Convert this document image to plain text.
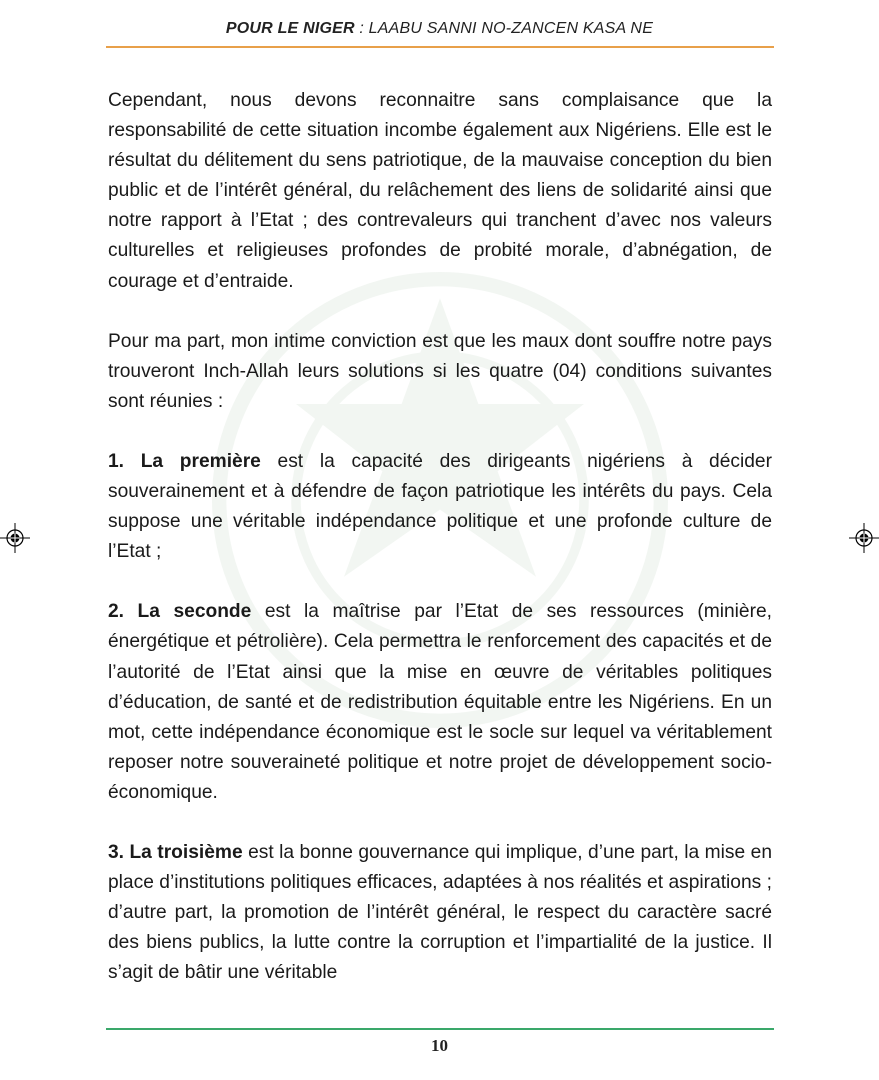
POUR LE NIGER : LAABU SANNI NO-ZANCEN KASA NE

Cependant, nous devons reconnaitre sans complaisance que la responsabilité de cette situation incombe également aux Nigériens. Elle est le résultat du délitement du sens patriotique, de la mauvaise conception du bien public et de l’intérêt général, du relâchement des liens de solidarité ainsi que notre rapport à l’Etat ; des contrevaleurs qui tranchent d’avec nos valeurs culturelles et religieuses profondes de probité morale, d’abnégation, de courage et d’entraide.

Pour ma part, mon intime conviction est que les maux dont souffre notre pays trouveront Inch-Allah leurs solutions si les quatre (04) conditions suivantes sont réunies :

1. La première est la capacité des dirigeants nigériens à décider souverainement et à défendre de façon patriotique les intérêts du pays. Cela suppose une véritable indépendance politique et une profonde culture de l’Etat ;

2. La seconde est la maîtrise par l’Etat de ses ressources (minière, énergétique et pétrolière). Cela permettra le renforcement des capacités et de l’autorité de l’Etat ainsi que la mise en œuvre de véritables politiques d’éducation, de santé et de redistribution équitable entre les Nigériens. En un mot, cette indépendance économique est le socle sur lequel va véritablement reposer notre souveraineté politique et notre projet de développement socio-économique.

3. La troisième est la bonne gouvernance qui implique, d’une part, la mise en place d’institutions politiques efficaces, adaptées à nos réalités et aspirations ; d’autre part, la promotion de l’intérêt général, le respect du caractère sacré des biens publics, la lutte contre la corruption et l’impartialité de la justice. Il s’agit de bâtir une véritable

10
